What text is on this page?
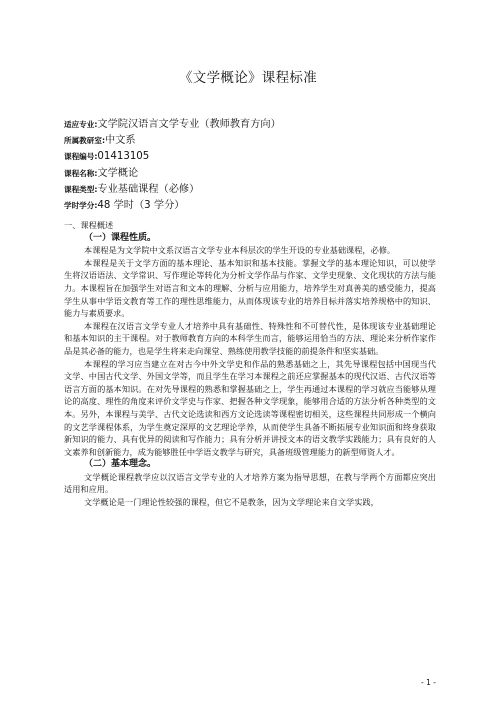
《文学概论》课程标准
适应专业:文学院汉语言文学专业（教师教育方向）
所属教研室:中文系
课程编号:01413105
课程名称:文学概论
课程类型:专业基础课程（必修）
学时学分:48 学时（3 学分）

一、课程概述

（一）课程性质。

本课程是为文学院中文系汉语言文学专业本科层次的学生开设的专业基础课程，必修。

本课程是关于文学方面的基本理论、基本知识和基本技能。掌握文学的基本理论知识，可以使学生将汉语语法、文学常识、写作理论等转化为分析文学作品与作家、文学史现象、文化现状的方法与能力。本课程旨在加强学生对语言和文本的理解、分析与应用能力，培养学生对真善美的感受能力，提高学生从事中学语文教育等工作的理性思维能力，从而体现该专业的培养目标并落实培养规格中的知识、能力与素质要求。

本课程在汉语言文学专业人才培养中具有基础性、特殊性和不可替代性，是体现该专业基础理论和基本知识的主干课程。对于教师教育方向的本科学生而言，能够运用恰当的方法、理论来分析作家作品是其必备的能力，也是学生将来走向课堂、熟练使用教学技能的前提条件和坚实基础。

本课程的学习应当建立在对古今中外文学史和作品的熟悉基础之上，其先导课程包括中国现当代文学、中国古代文学、外国文学等，而且学生在学习本课程之前还应掌握基本的现代汉语、古代汉语等语言方面的基本知识。在对先导课程的熟悉和掌握基础之上，学生再通过本课程的学习就应当能够从理论的高度、理性的角度来评价文学史与作家、把握各种文学现象，能够用合适的方法分析各种类型的文本。另外，本课程与美学、古代文论选读和西方文论选读等课程密切相关，这些课程共同形成一个横向的文艺学课程体系，为学生奠定深厚的文艺理论学养，从而使学生具备不断拓展专业知识面和终身获取新知识的能力、具有优异的阅读和写作能力；具有分析并讲授文本的语文教学实践能力；具有良好的人文素养和创新能力，成为能够胜任中学语文教学与研究，具备班级管理能力的新型师资人才。

（二）基本理念。

文学概论课程教学应以汉语言文学专业的人才培养方案为指导思想，在教与学两个方面都应突出适用和应用。

文学概论是一门理论性较强的课程，但它不是教条，因为文学理论来自文学实践，

- 1 -
